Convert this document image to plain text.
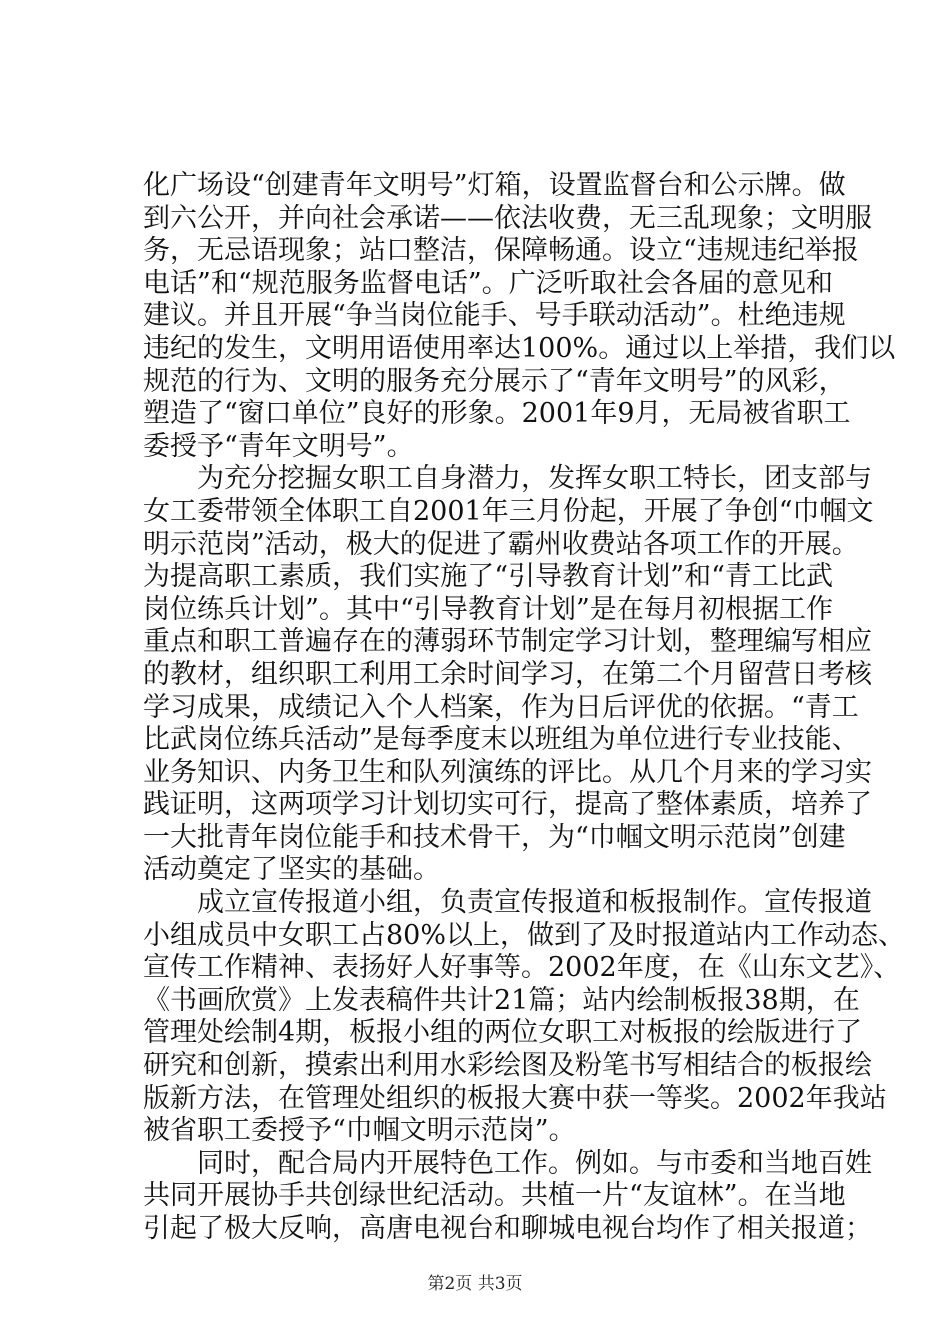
化广场设“创建青年文明号”灯箱，设置监督台和公示牌。做
到六公开，并向社会承诺——依法收费，无三乱现象；文明服
务，无忌语现象；站口整洁，保障畅通。设立“违规违纪举报
电话”和“规范服务监督电话”。广泛听取社会各届的意见和
建议。并且开展“争当岗位能手、号手联动活动”。杜绝违规
违纪的发生，文明用语使用率达100%。通过以上举措，我们以
规范的行为、文明的服务充分展示了“青年文明号”的风彩，
塑造了“窗口单位”良好的形象。2001年9月，无局被省职工
委授予“青年文明号”。
　　为充分挖掘女职工自身潜力，发挥女职工特长，团支部与
女工委带领全体职工自2001年三月份起，开展了争创“巾帼文
明示范岗”活动，极大的促进了霸州收费站各项工作的开展。
为提高职工素质，我们实施了“引导教育计划”和“青工比武
岗位练兵计划”。其中“引导教育计划”是在每月初根据工作
重点和职工普遍存在的薄弱环节制定学习计划，整理编写相应
的教材，组织职工利用工余时间学习，在第二个月留营日考核
学习成果，成绩记入个人档案，作为日后评优的依据。“青工
比武岗位练兵活动”是每季度末以班组为单位进行专业技能、
业务知识、内务卫生和队列演练的评比。从几个月来的学习实
践证明，这两项学习计划切实可行，提高了整体素质，培养了
一大批青年岗位能手和技术骨干，为“巾帼文明示范岗”创建
活动奠定了坚实的基础。
　　成立宣传报道小组，负责宣传报道和板报制作。宣传报道
小组成员中女职工占80%以上，做到了及时报道站内工作动态、
宣传工作精神、表扬好人好事等。2002年度，在《山东文艺》、
《书画欣赏》上发表稿件共计21篇；站内绘制板报38期，在
管理处绘制4期，板报小组的两位女职工对板报的绘版进行了
研究和创新，摸索出利用水彩绘图及粉笔书写相结合的板报绘
版新方法，在管理处组织的板报大赛中获一等奖。2002年我站
被省职工委授予“巾帼文明示范岗”。
　　同时，配合局内开展特色工作。例如。与市委和当地百姓
共同开展协手共创绿世纪活动。共植一片“友谊林”。在当地
引起了极大反响，高唐电视台和聊城电视台均作了相关报道；
第2页 共3页
